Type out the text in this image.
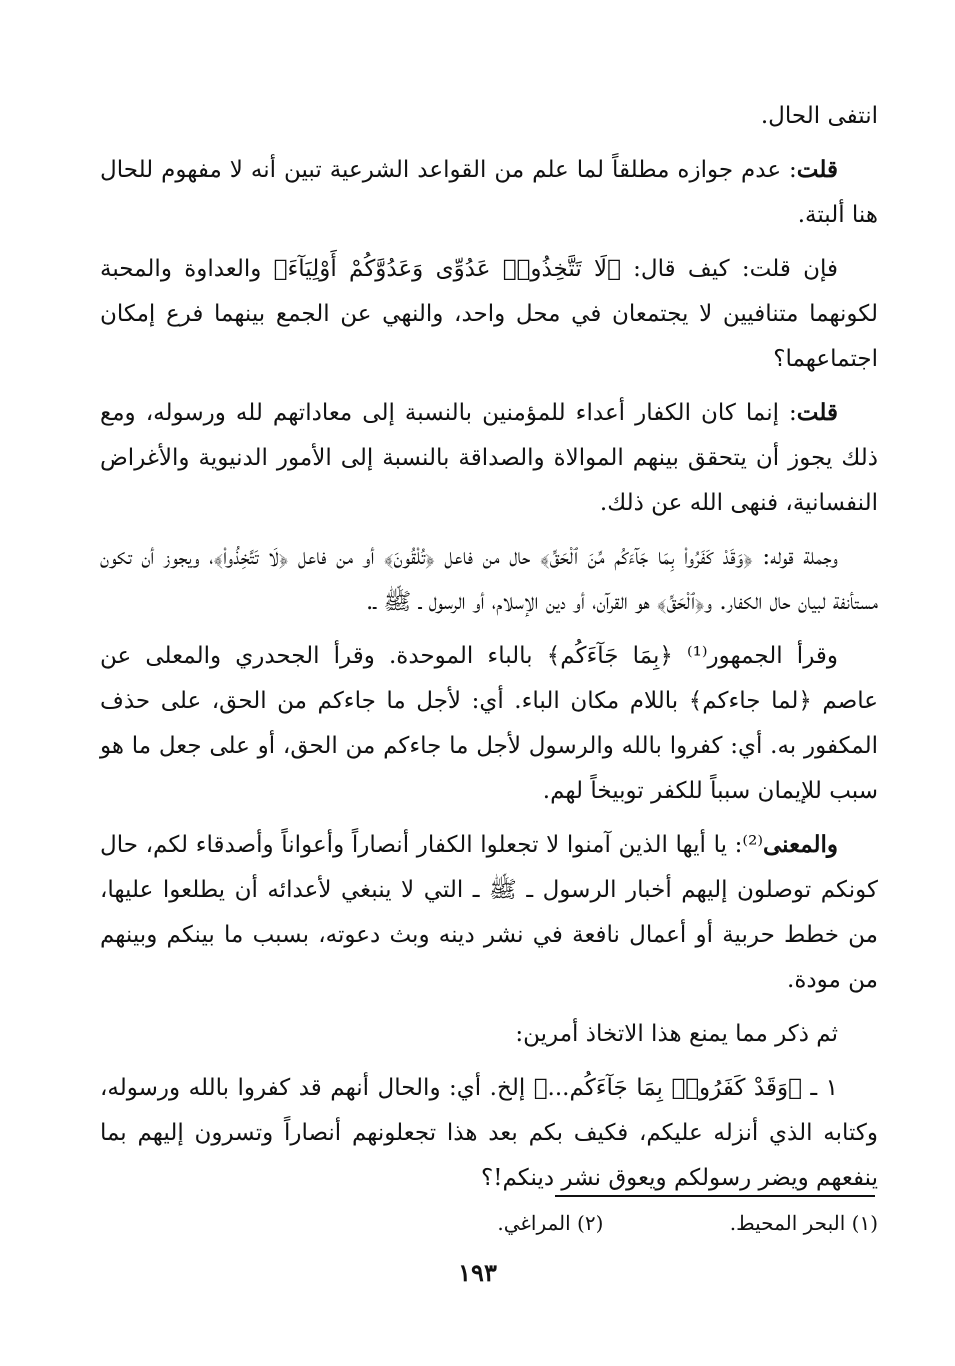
انتفى الحال.

قلت: عدم جوازه مطلقاً لما علم من القواعد الشرعية تبين أنه لا مفهوم للحال هنا ألبتة.

فإن قلت: كيف قال: ﴿لَا تَتَّخِذُوا۟ عَدُوِّى وَعَدُوَّكُمْ أَوْلِيَآءَ﴾ والعداوة والمحبة لكونهما متنافيين لا يجتمعان في محل واحد، والنهي عن الجمع بينهما فرع إمكان اجتماعهما؟

قلت: إنما كان الكفار أعداء للمؤمنين بالنسبة إلى معاداتهم لله ورسوله، ومع ذلك يجوز أن يتحقق بينهم الموالاة والصداقة بالنسبة إلى الأمور الدنيوية والأغراض النفسانية، فنهى الله عن ذلك.

وجملة قوله: ﴿وَقَدْ كَفَرُوا۟ بِمَا جَآءَكُم مِّنَ ٱلْحَقِّ﴾ حال من فاعل ﴿تُلْقُونَ﴾ أو من فاعل ﴿لَا تَتَّخِذُوا۟﴾، ويجوز أن تكون مستأنفة لبيان حال الكفار. و﴿ٱلْحَقِّ﴾ هو القرآن، أو دين الإسلام، أو الرسول ـ ﷺ ـ.

وقرأ الجمهور⁽¹⁾ ﴿بِمَا جَآءَكُم﴾ بالباء الموحدة. وقرأ الجحدري والمعلى عن عاصم ﴿لما جاءكم﴾ باللام مكان الباء. أي: لأجل ما جاءكم من الحق، على حذف المكفور به. أي: كفروا بالله والرسول لأجل ما جاءكم من الحق، أو على جعل ما هو سبب للإيمان سبباً للكفر توبيخاً لهم.

والمعنى⁽²⁾: يا أيها الذين آمنوا لا تجعلوا الكفار أنصاراً وأعواناً وأصدقاء لكم، حال كونكم توصلون إليهم أخبار الرسول ـ ﷺ ـ التي لا ينبغي لأعدائه أن يطلعوا عليها، من خطط حربية أو أعمال نافعة في نشر دينه وبث دعوته، بسبب ما بينكم وبينهم من مودة.

ثم ذكر مما يمنع هذا الاتخاذ أمرين:

١ ـ ﴿وَقَدْ كَفَرُوا۟ بِمَا جَآءَكُم...﴾ إلخ. أي: والحال أنهم قد كفروا بالله ورسوله، وكتابه الذي أنزله عليكم، فكيف بكم بعد هذا تجعلونهم أنصاراً وتسرون إليهم بما ينفعهم ويضر رسولكم ويعوق نشر دينكم!؟

(١) البحر المحيط. (٢) المراغي.
١٩٣
